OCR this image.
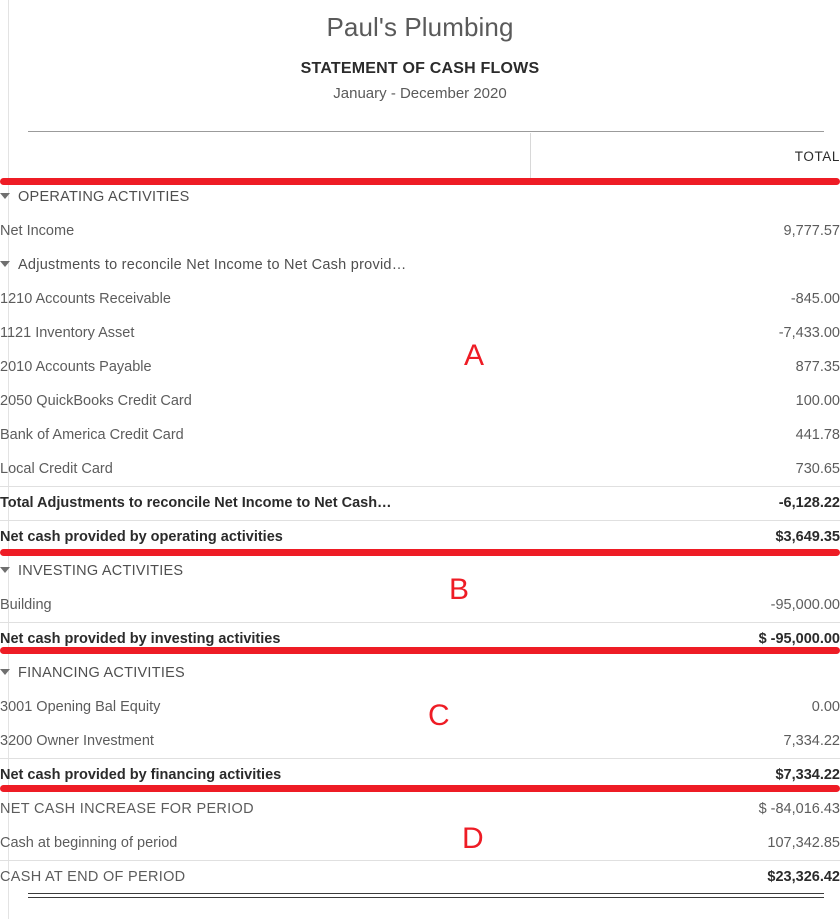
Paul's Plumbing
STATEMENT OF CASH FLOWS
January - December 2020
	TOTAL
OPERATING ACTIVITIES	
Net Income	9,777.57
Adjustments to reconcile Net Income to Net Cash provid…	
1210 Accounts Receivable	-845.00
1121 Inventory Asset	-7,433.00
2010 Accounts Payable	877.35
2050 QuickBooks Credit Card	100.00
Bank of America Credit Card	441.78
Local Credit Card	730.65
Total Adjustments to reconcile Net Income to Net Cash…	-6,128.22
Net cash provided by operating activities	$3,649.35
INVESTING ACTIVITIES	
Building	-95,000.00
Net cash provided by investing activities	$ -95,000.00
FINANCING ACTIVITIES	
3001 Opening Bal Equity	0.00
3200 Owner Investment	7,334.22
Net cash provided by financing activities	$7,334.22
NET CASH INCREASE FOR PERIOD	$ -84,016.43
Cash at beginning of period	107,342.85
CASH AT END OF PERIOD	$23,326.42
A
B
C
D
